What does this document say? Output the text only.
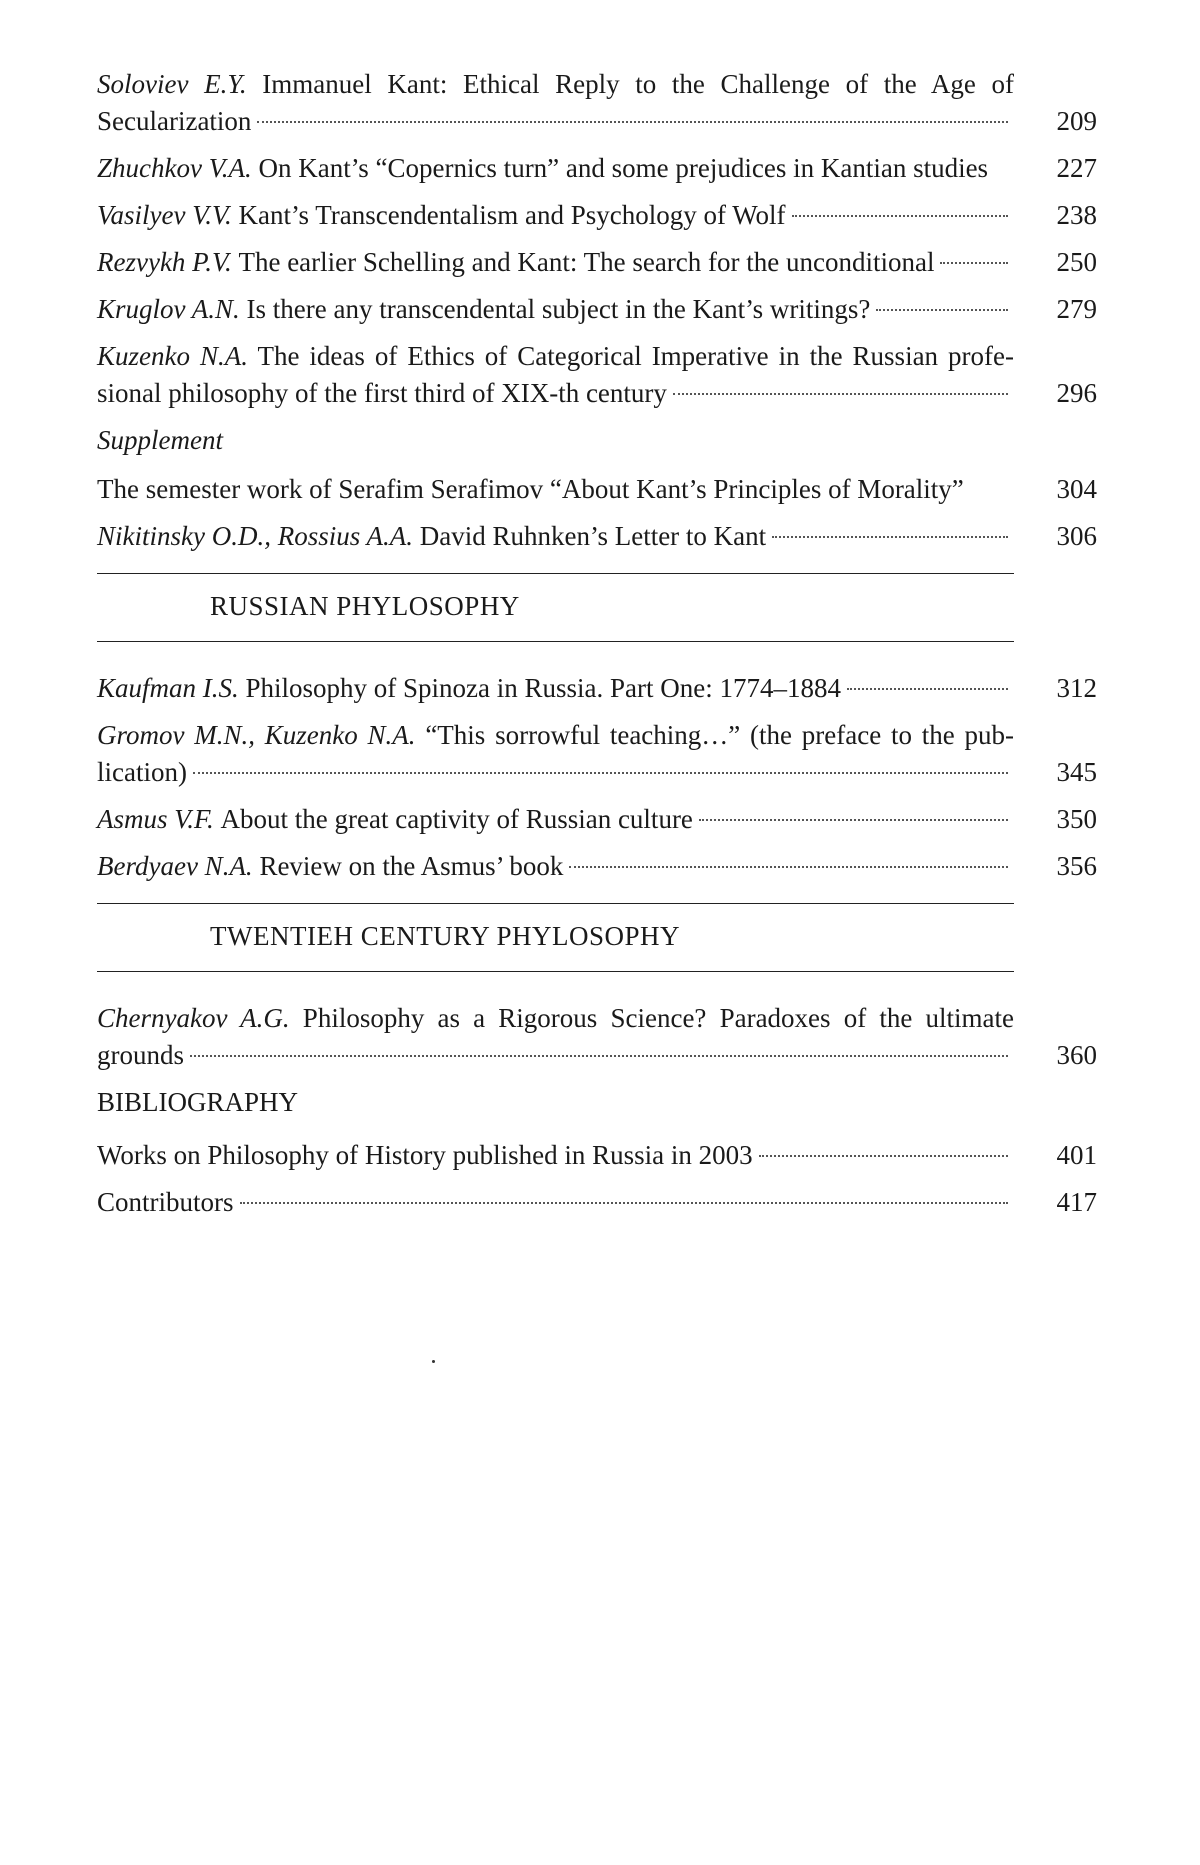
Soloviev E.Y. Immanuel Kant: Ethical Reply to the Challenge of the Age of
Secularization	209
Zhuchkov V.A.
On Kant’s “Copernics turn” and some prejudices in Kantian studies	227
Vasilyev V.V.
Kant’s Transcendentalism and Psychology of Wolf	238
Rezvykh P.V.
The earlier Schelling and Kant: The search for the unconditional	250
Kruglov A.N.
Is there any transcendental subject in the Kant’s writings?	279
Kuzenko N.A. The ideas of Ethics of Categorical Imperative in the Russian profe-
sional philosophy of the first third of XIX-th century	296
Supplement
The semester work of Serafim Serafimov “About Kant’s Principles of Morality”	304
Nikitinsky O.D., Rossius A.A.
David Ruhnken’s Letter to Kant	306
RUSSIAN PHYLOSOPHY
Kaufman I.S.
Philosophy of Spinoza in Russia. Part One: 1774–1884	312
Gromov M.N., Kuzenko N.A. “This sorrowful teaching…” (the preface to the pub-
lication)	345
Asmus V.F.
About the great captivity of Russian culture	350
Berdyaev N.A.
Review on the Asmus’ book	356
TWENTIEH CENTURY PHYLOSOPHY
Chernyakov A.G. Philosophy as a Rigorous Science? Paradoxes of the ultimate
grounds	360
BIBLIOGRAPHY
Works on Philosophy of History published in Russia in 2003	401
Contributors	417
